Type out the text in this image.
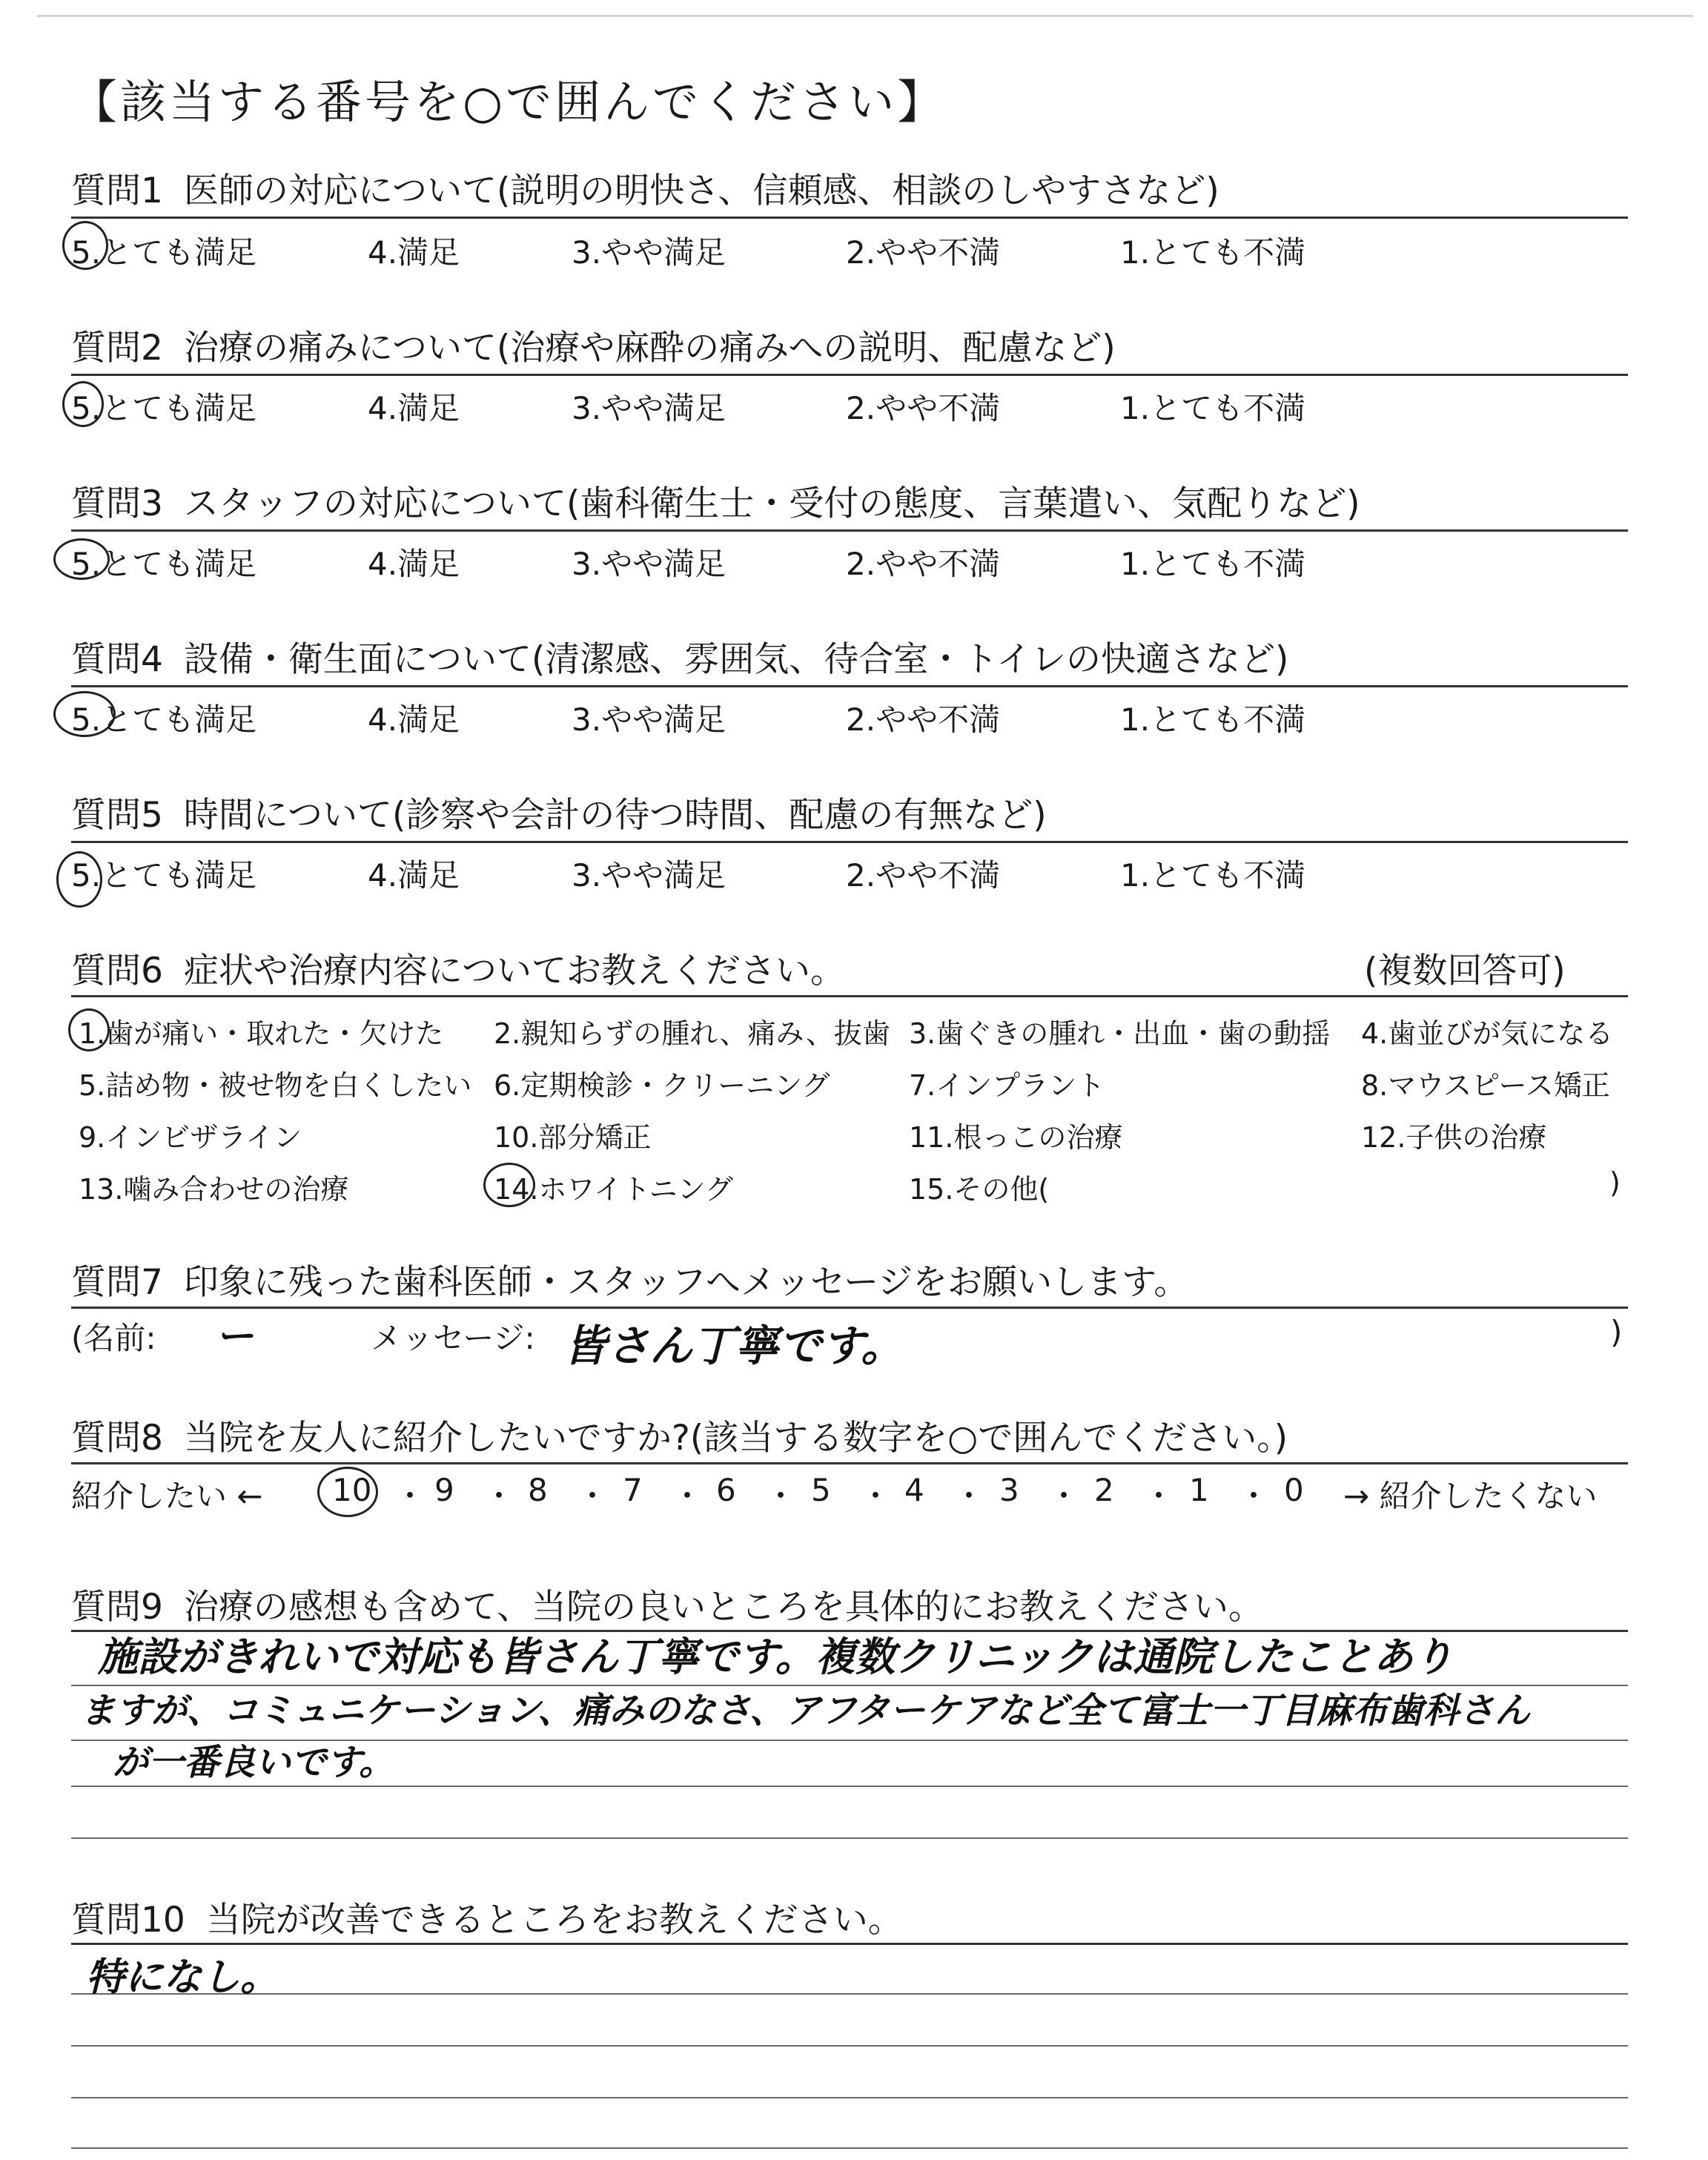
【該当する番号を○で囲んでください】
質問1 医師の対応について(説明の明快さ、信頼感、相談のしやすさなど)
5.とても満足	4.満足	3.やや満足	2.やや不満	1.とても不満
質問2 治療の痛みについて(治療や麻酔の痛みへの説明、配慮など)
5.とても満足	4.満足	3.やや満足	2.やや不満	1.とても不満
質問3 スタッフの対応について(歯科衛生士・受付の態度、言葉遣い、気配りなど)
5.とても満足	4.満足	3.やや満足	2.やや不満	1.とても不満
質問4 設備・衛生面について(清潔感、雰囲気、待合室・トイレの快適さなど)
5.とても満足	4.満足	3.やや満足	2.やや不満	1.とても不満
質問5 時間について(診察や会計の待つ時間、配慮の有無など)
5.とても満足	4.満足	3.やや満足	2.やや不満	1.とても不満
質問6 症状や治療内容についてお教えください。	(複数回答可)
1.歯が痛い・取れた・欠けた 2.親知らずの腫れ、痛み、抜歯 3.歯ぐきの腫れ・出血・歯の動揺 4.歯並びが気になる
5.詰め物・被せ物を白くしたい 6.定期検診・クリーニング	7.インプラント	8.マウスピース矯正
9.インビザライン	10.部分矯正	11.根っこの治療	12.子供の治療
13.噛み合わせの治療	14.ホワイトニング	15.その他(	)
質問7 印象に残った歯科医師・スタッフへメッセージをお願いします。
(名前: ー	メッセージ: 皆さん丁寧です。	)
質問8 当院を友人に紹介したいですか?(該当する数字を○で囲んでください。)
紹介したい ← 10 ・ 9 ・ 8 ・ 7 ・ 6 ・ 5 ・ 4 ・ 3 ・ 2 ・ 1 ・ 0 → 紹介したくない
質問9 治療の感想も含めて、当院の良いところを具体的にお教えください。
施設がきれいで対応も皆さん丁寧です。複数クリニックは通院したことあり
ますが、コミュニケーション、痛みのなさ、アフターケアなど全て富士一丁目麻布歯科さん
が一番良いです。
質問10 当院が改善できるところをお教えください。
特になし。
